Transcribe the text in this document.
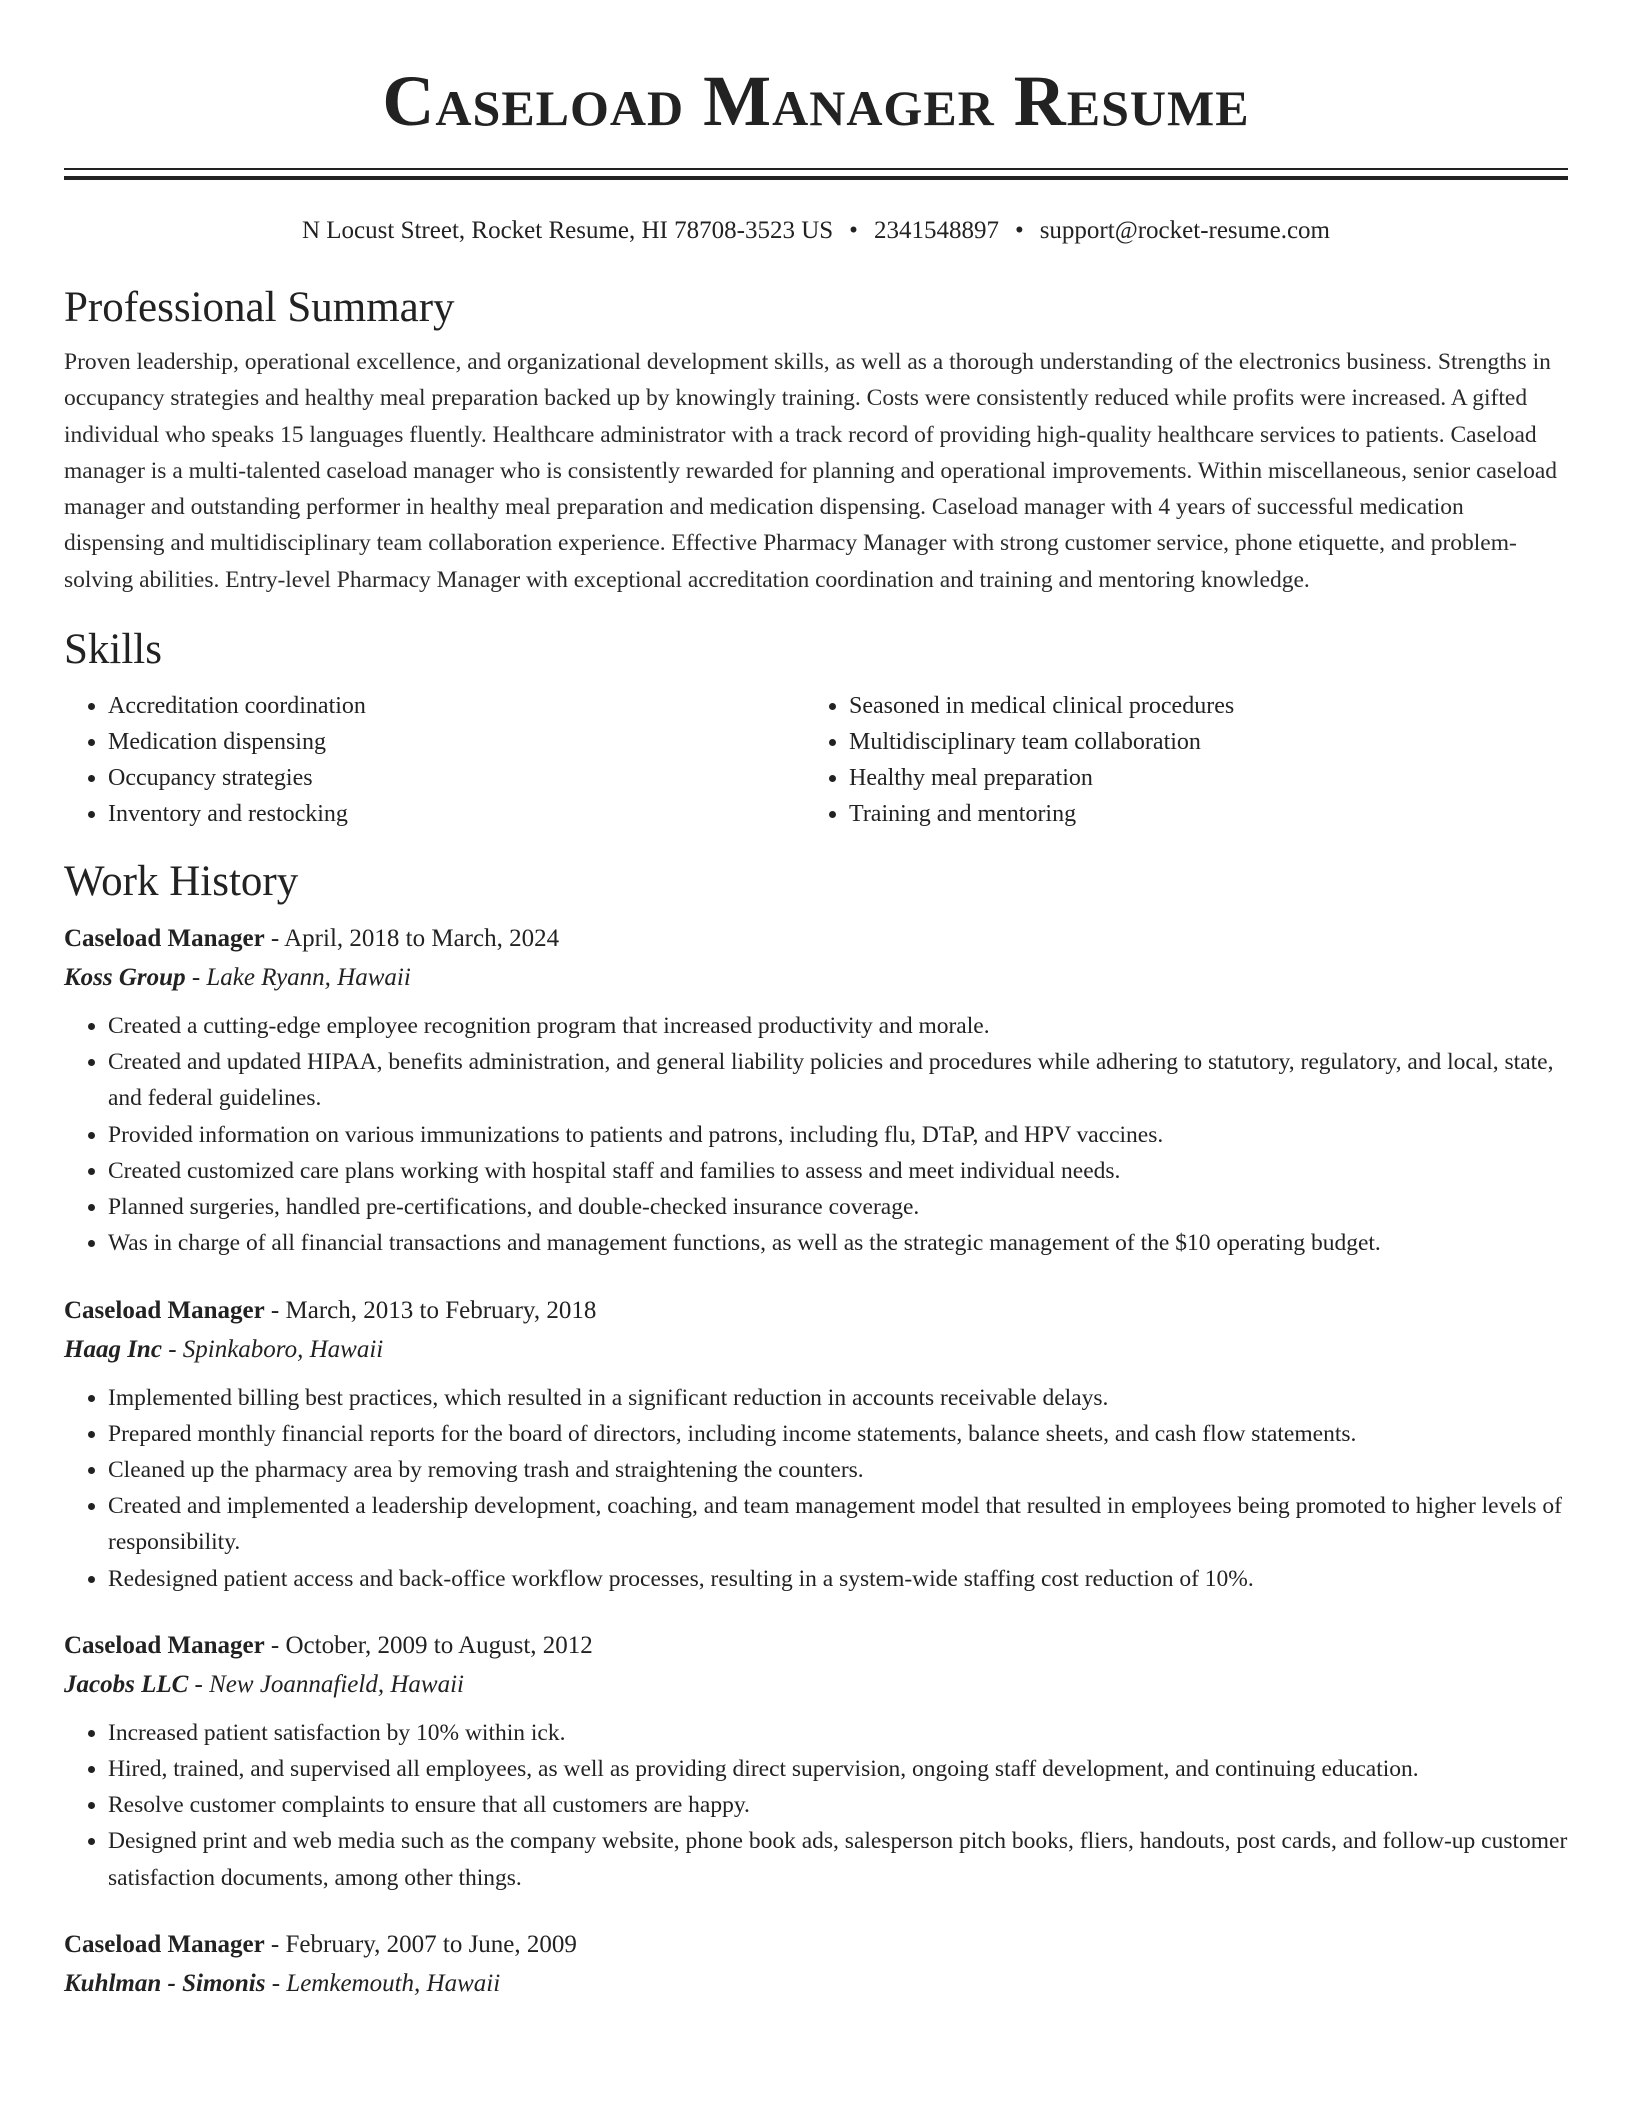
Caseload Manager Resume
N Locust Street, Rocket Resume, HI 78708-3523 US • 2341548897 • support@rocket-resume.com
Professional Summary

Proven leadership, operational excellence, and organizational development skills, as well as a thorough understanding of the electronics business. Strengths in occupancy strategies and healthy meal preparation backed up by knowingly training. Costs were consistently reduced while profits were increased. A gifted individual who speaks 15 languages fluently. Healthcare administrator with a track record of providing high-quality healthcare services to patients. Caseload manager is a multi-talented caseload manager who is consistently rewarded for planning and operational improvements. Within miscellaneous, senior caseload manager and outstanding performer in healthy meal preparation and medication dispensing. Caseload manager with 4 years of successful medication dispensing and multidisciplinary team collaboration experience. Effective Pharmacy Manager with strong customer service, phone etiquette, and problem-solving abilities. Entry-level Pharmacy Manager with exceptional accreditation coordination and training and mentoring knowledge.

Skills
• Accreditation coordination
• Medication dispensing
• Occupancy strategies
• Inventory and restocking
• Seasoned in medical clinical procedures
• Multidisciplinary team collaboration
• Healthy meal preparation
• Training and mentoring
Work History
Caseload Manager - April, 2018 to March, 2024
Koss Group - Lake Ryann, Hawaii
• Created a cutting-edge employee recognition program that increased productivity and morale.
• Created and updated HIPAA, benefits administration, and general liability policies and procedures while adhering to statutory, regulatory, and local, state, and federal guidelines.
• Provided information on various immunizations to patients and patrons, including flu, DTaP, and HPV vaccines.
• Created customized care plans working with hospital staff and families to assess and meet individual needs.
• Planned surgeries, handled pre-certifications, and double-checked insurance coverage.
• Was in charge of all financial transactions and management functions, as well as the strategic management of the $10 operating budget.
Caseload Manager - March, 2013 to February, 2018
Haag Inc - Spinkaboro, Hawaii
• Implemented billing best practices, which resulted in a significant reduction in accounts receivable delays.
• Prepared monthly financial reports for the board of directors, including income statements, balance sheets, and cash flow statements.
• Cleaned up the pharmacy area by removing trash and straightening the counters.
• Created and implemented a leadership development, coaching, and team management model that resulted in employees being promoted to higher levels of responsibility.
• Redesigned patient access and back-office workflow processes, resulting in a system-wide staffing cost reduction of 10%.
Caseload Manager - October, 2009 to August, 2012
Jacobs LLC - New Joannafield, Hawaii
• Increased patient satisfaction by 10% within ick.
• Hired, trained, and supervised all employees, as well as providing direct supervision, ongoing staff development, and continuing education.
• Resolve customer complaints to ensure that all customers are happy.
• Designed print and web media such as the company website, phone book ads, salesperson pitch books, fliers, handouts, post cards, and follow-up customer satisfaction documents, among other things.
Caseload Manager - February, 2007 to June, 2009
Kuhlman - Simonis - Lemkemouth, Hawaii
